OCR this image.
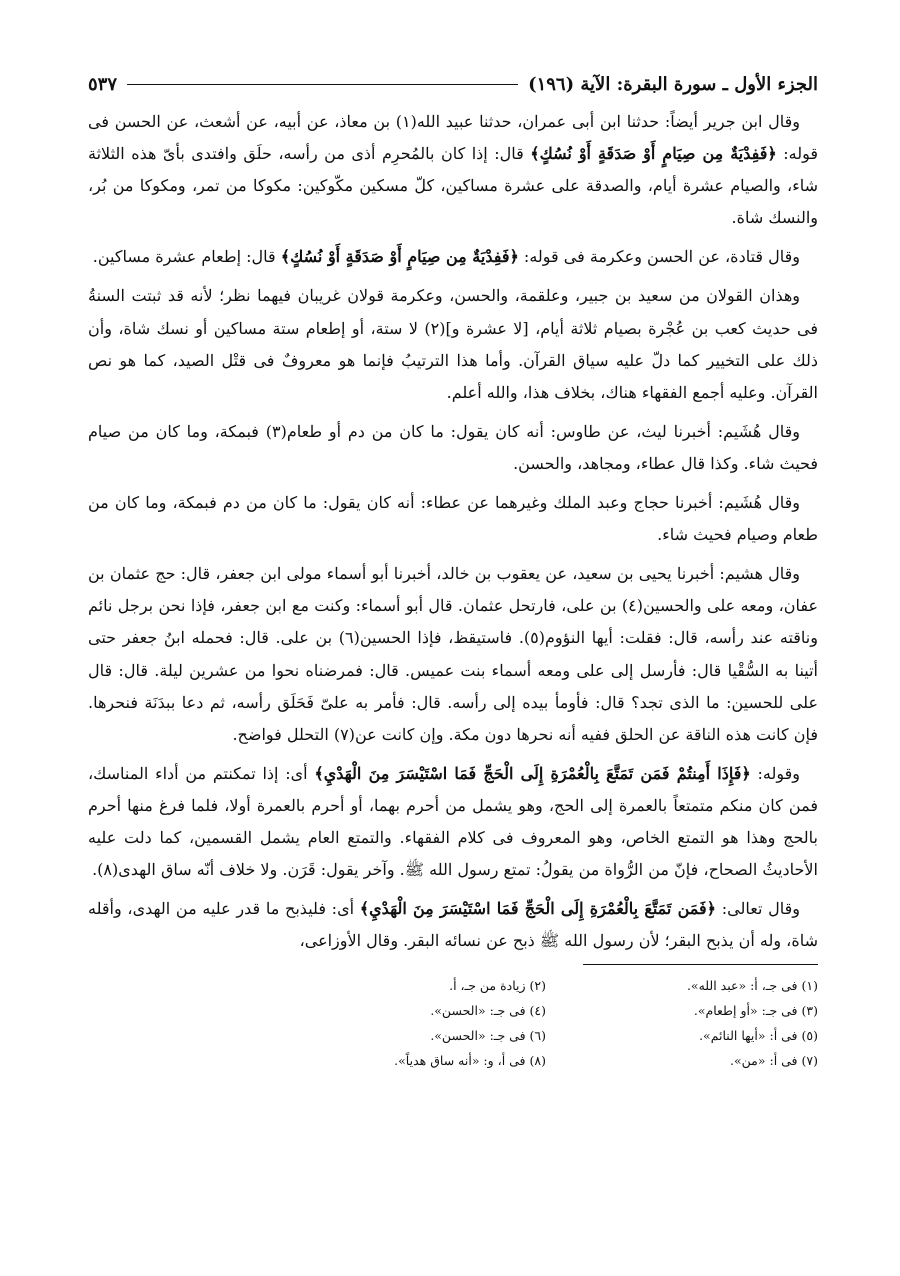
الجزء الأول ـ سورة البقرة: الآية (١٩٦)
٥٣٧

وقال ابن جرير أيضاً: حدثنا ابن أبى عمران، حدثنا عبيد الله(١) بن معاذ، عن أبيه، عن أشعث، عن الحسن فى قوله: ﴿فَفِدْيَةٌ مِن صِيَامٍ أَوْ صَدَقَةٍ أَوْ نُسُكٍ﴾ قال: إذا كان بالمُحرِم أذى من رأسه، حلَق وافتدى بأىّ هذه الثلاثة شاء، والصيام عشرة أيام، والصدقة على عشرة مساكين، كلّ مسكين مكّوكين: مكوكا من تمر، ومكوكا من بُر، والنسك شاة.

وقال قتادة، عن الحسن وعكرمة فى قوله: ﴿فَفِدْيَةٌ مِن صِيَامٍ أَوْ صَدَقَةٍ أَوْ نُسُكٍ﴾ قال: إطعام عشرة مساكين.

وهذان القولان من سعيد بن جبير، وعلقمة، والحسن، وعكرمة قولان غريبان فيهما نظر؛ لأنه قد ثبتت السنةُ فى حديث كعب بن عُجْرة بصيام ثلاثة أيام، [لا عشرة و](٢) لا ستة، أو إطعام ستة مساكين أو نسك شاة، وأن ذلك على التخيير كما دلّ عليه سياق القرآن. وأما هذا الترتيبُ فإنما هو معروفٌ فى قتْل الصيد، كما هو نص القرآن. وعليه أجمع الفقهاء هناك، بخلاف هذا، والله أعلم.

وقال هُشَيم: أخبرنا ليث، عن طاوس: أنه كان يقول: ما كان من دم أو طعام(٣) فبمكة، وما كان من صيام فحيث شاء. وكذا قال عطاء، ومجاهد، والحسن.

وقال هُشَيم: أخبرنا حجاج وعبد الملك وغيرهما عن عطاء: أنه كان يقول: ما كان من دم فبمكة، وما كان من طعام وصيام فحيث شاء.

وقال هشيم: أخبرنا يحيى بن سعيد، عن يعقوب بن خالد، أخبرنا أبو أسماء مولى ابن جعفر، قال: حج عثمان بن عفان، ومعه على والحسين(٤) بن على، فارتحل عثمان. قال أبو أسماء: وكنت مع ابن جعفر، فإذا نحن برجل نائم وناقته عند رأسه، قال: فقلت: أيها النؤوم(٥). فاستيقظ، فإذا الحسين(٦) بن على. قال: فحمله ابنُ جعفر حتى أتينا به السُّقْيا قال: فأرسل إلى على ومعه أسماء بنت عميس. قال: فمرضناه نحوا من عشرين ليلة. قال: قال على للحسين: ما الذى تجد؟ قال: فأومأ بيده إلى رأسه. قال: فأمر به علىّ فَحَلَق رأسه، ثم دعا ببدَنَة فنحرها. فإن كانت هذه الناقة عن الحلق ففيه أنه نحرها دون مكة. وإن كانت عن(٧) التحلل فواضح.

وقوله: ﴿فَإِذَا أَمِنتُمْ فَمَن تَمَتَّعَ بِالْعُمْرَةِ إِلَى الْحَجِّ فَمَا اسْتَيْسَرَ مِنَ الْهَدْيِ﴾ أى: إذا تمكنتم من أداء المناسك، فمن كان منكم متمتعاً بالعمرة إلى الحج، وهو يشمل من أحرم بهما، أو أحرم بالعمرة أولا، فلما فرغ منها أحرم بالحج وهذا هو التمتع الخاص، وهو المعروف فى كلام الفقهاء. والتمتع العام يشمل القسمين، كما دلت عليه الأحاديثُ الصحاح، فإنّ من الرُّواة من يقولُ: تمتع رسول الله ﷺ. وآخر يقول: قَرَن. ولا خلاف أنّه ساق الهدى(٨).

وقال تعالى: ﴿فَمَن تَمَتَّعَ بِالْعُمْرَةِ إِلَى الْحَجِّ فَمَا اسْتَيْسَرَ مِنَ الْهَدْيِ﴾ أى: فليذبح ما قدر عليه من الهدى، وأقله شاة، وله أن يذبح البقر؛ لأن رسول الله ﷺ ذبح عن نسائه البقر. وقال الأوزاعى،

(١) فى جـ، أ: «عبد الله».
(٢) زيادة من جـ، أ.
(٣) فى جـ: «أو إطعام».
(٤) فى جـ: «الحسن».
(٥) فى أ: «أيها النائم».
(٦) فى جـ: «الحسن».
(٧) فى أ: «من».
(٨) فى أ، و: «أنه ساق هدياً».
